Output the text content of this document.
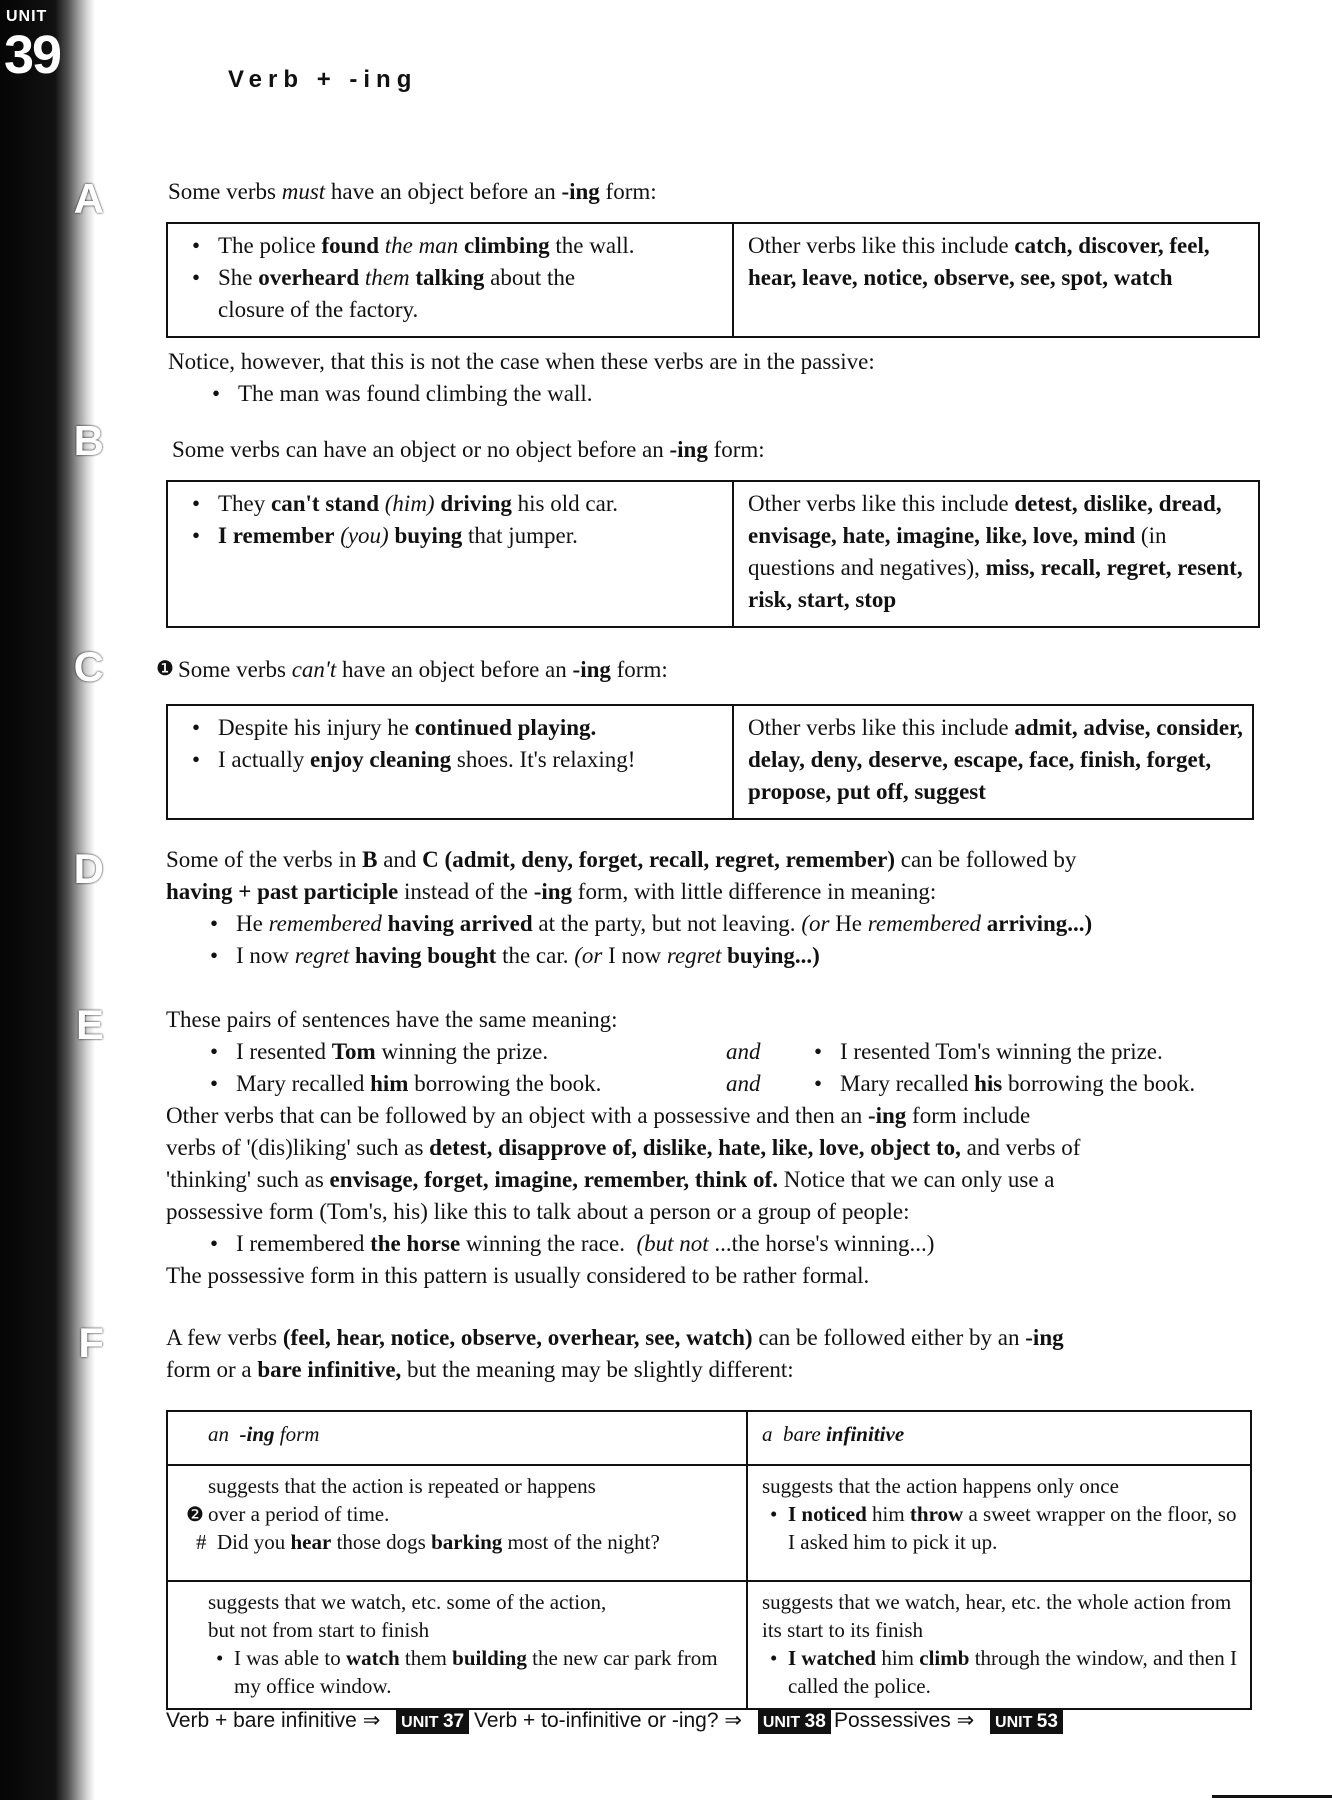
UNIT
39	Verb + -ing
A
B
C
D
E
F
Some verbs must have an object before an -ing form:
• The police found the man climbing the wall.
• She overheard them talking about the
closure of the factory.
Other verbs like this include catch, discover, feel, hear, leave, notice, observe, see, spot, watch
Notice, however, that this is not the case when these verbs are in the passive:
• The man was found climbing the wall.
Some verbs can have an object or no object before an -ing form:
• They can't stand (him) driving his old car.
• I remember (you) buying that jumper.
Other verbs like this include detest, dislike, dread, envisage, hate, imagine, like, love, mind (in questions and negatives), miss, recall, regret, resent, risk, start, stop
❶ Some verbs can't have an object before an -ing form:
• Despite his injury he continued playing.
• I actually enjoy cleaning shoes. It's relaxing!
Other verbs like this include admit, advise, consider, delay, deny, deserve, escape, face, finish, forget, propose, put off, suggest
Some of the verbs in B and C (admit, deny, forget, recall, regret, remember) can be followed by
having + past participle instead of the -ing form, with little difference in meaning:
• He remembered having arrived at the party, but not leaving. (or He remembered arriving...)
• I now regret having bought the car. (or I now regret buying...)
These pairs of sentences have the same meaning:
• I resented Tom winning the prize.	and	• I resented Tom's winning the prize.
• Mary recalled him borrowing the book.	and	• Mary recalled his borrowing the book.
Other verbs that can be followed by an object with a possessive and then an -ing form include
verbs of '(dis)liking' such as detest, disapprove of, dislike, hate, like, love, object to, and verbs of
'thinking' such as envisage, forget, imagine, remember, think of. Notice that we can only use a
possessive form (Tom's, his) like this to talk about a person or a group of people:
• I remembered the horse winning the race.  (but not ...the horse's winning...)
The possessive form in this pattern is usually considered to be rather formal.
A few verbs (feel, hear, notice, observe, overhear, see, watch) can be followed either by an -ing
form or a bare infinitive, but the meaning may be slightly different:
an  -ing form	a  bare infinitive
suggests that the action is repeated or happens
over a period of time.
#  Did you hear those dogs barking most of the night?	suggests that the action happens only once
• I noticed him throw a sweet wrapper on the floor, so I asked him to pick it up.

suggests that we watch, etc. some of the action,
but not from start to finish
• I was able to watch them building the new car park from my office window.	suggests that we watch, hear, etc. the whole action from its start to its finish
• I watched him climb through the window, and then I called the police.
❷
Verb + bare infinitive ⇒ UNIT 37 Verb + to-infinitive or -ing? ⇒ UNIT 38 Possessives ⇒ UNIT 53
